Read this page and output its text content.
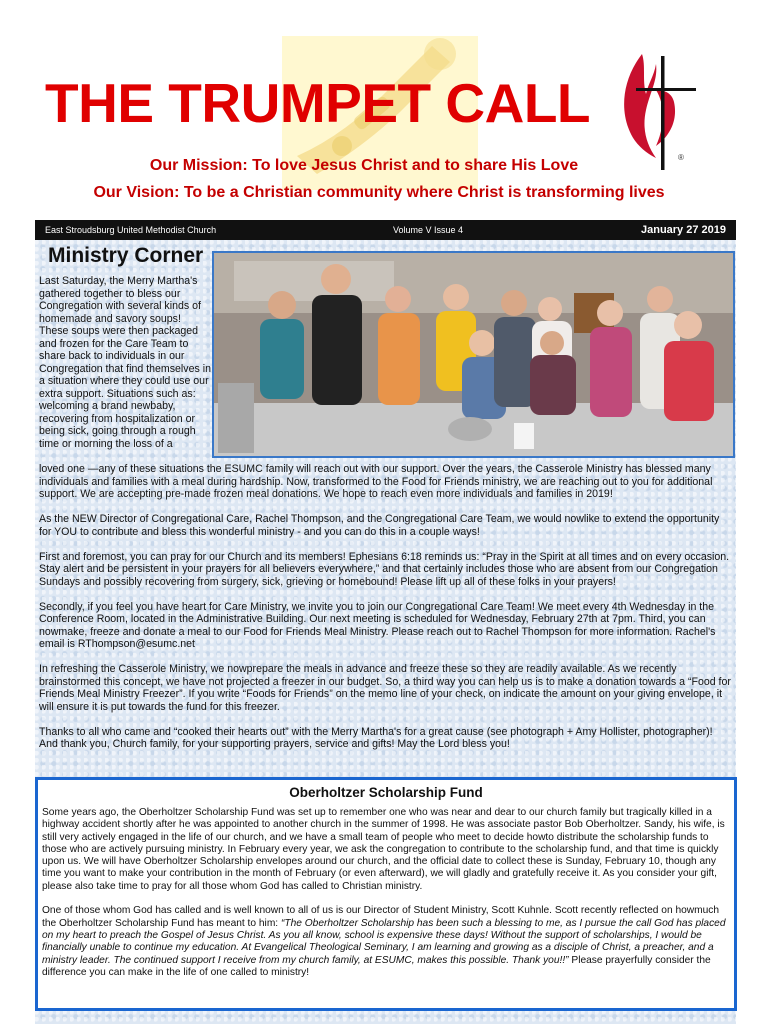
THE TRUMPET CALL
®
Our Mission: To love Jesus Christ and to share His Love
Our Vision: To be a Christian community where Christ is transforming lives
East Stroudsburg United Methodist Church	Volume V Issue 4	January 27 2019
Ministry Corner

Last Saturday, the Merry Martha's gathered together to bless our Congregation with several kinds of homemade and savory soups! These soups were then packaged and frozen for the Care Team to share back to individuals in our Congregation that find themselves in a situation where they could use our extra support. Situations such as: welcoming a brand newbaby, recovering from hospitalization or being sick, going through a rough time or morning the loss of a

loved one —any of these situations the ESUMC family will reach out with our support. Over the years, the Casserole Ministry has blessed many individuals and families with a meal during hardship. Now, transformed to the Food for Friends ministry, we are reaching out to you for additional support. We are accepting pre-made frozen meal donations. We hope to reach even more individuals and families in 2019!

As the NEW Director of Congregational Care, Rachel Thompson, and the Congregational Care Team, we would nowlike to extend the opportunity for YOU to contribute and bless this wonderful ministry - and you can do this in a couple ways!

First and foremost, you can pray for our Church and its members! Ephesians 6:18 reminds us: “Pray in the Spirit at all times and on every occasion. Stay alert and be persistent in your prayers for all believers everywhere,” and that certainly includes those who are absent from our Congregation Sundays and possibly recovering from surgery, sick, grieving or homebound! Please lift up all of these folks in your prayers!

Secondly, if you feel you have heart for Care Ministry, we invite you to join our Congregational Care Team! We meet every 4th Wednesday in the Conference Room, located in the Administrative Building. Our next meeting is scheduled for Wednesday, February 27th at 7pm. Third, you can nowmake, freeze and donate a meal to our Food for Friends Meal Ministry. Please reach out to Rachel Thompson for more information. Rachel's email is RThompson@esumc.net

In refreshing the Casserole Ministry, we nowprepare the meals in advance and freeze these so they are readily available. As we recently brainstormed this concept, we have not projected a freezer in our budget. So, a third way you can help us is to make a donation towards a “Food for Friends Meal Ministry Freezer”. If you write “Foods for Friends” on the memo line of your check, on indicate the amount on your giving envelope, it will ensure it is put towards the fund for this freezer.

Thanks to all who came and “cooked their hearts out” with the Merry Martha's for a great cause (see photograph + Amy Hollister, photographer)! And thank you, Church family, for your supporting prayers, service and gifts! May the Lord bless you!

Oberholtzer Scholarship Fund

Some years ago, the Oberholtzer Scholarship Fund was set up to remember one who was near and dear to our church family but tragically killed in a highway accident shortly after he was appointed to another church in the summer of 1998. He was associate pastor Bob Oberholtzer. Sandy, his wife, is still very actively engaged in the life of our church, and we have a small team of people who meet to decide howto distribute the scholarship funds to those who are actively pursuing ministry. In February every year, we ask the congregation to contribute to the scholarship fund, and that time is quickly upon us. We will have Oberholtzer Scholarship envelopes around our church, and the official date to collect these is Sunday, February 10, though any time you want to make your contribution in the month of February (or even afterward), we will gladly and gratefully receive it. As you consider your gift, please also take time to pray for all those whom God has called to Christian ministry.

One of those whom God has called and is well known to all of us is our Director of Student Ministry, Scott Kuhnle. Scott recently reflected on howmuch the Oberholtzer Scholarship Fund has meant to him: “The Oberholtzer Scholarship has been such a blessing to me, as I pursue the call God has placed on my heart to preach the Gospel of Jesus Christ. As you all know, school is expensive these days! Without the support of scholarships, I would be financially unable to continue my education. At Evangelical Theological Seminary, I am learning and growing as a disciple of Christ, a preacher, and a ministry leader. The continued support I receive from my church family, at ESUMC, makes this possible. Thank you!!” Please prayerfully consider the difference you can make in the life of one called to ministry!
